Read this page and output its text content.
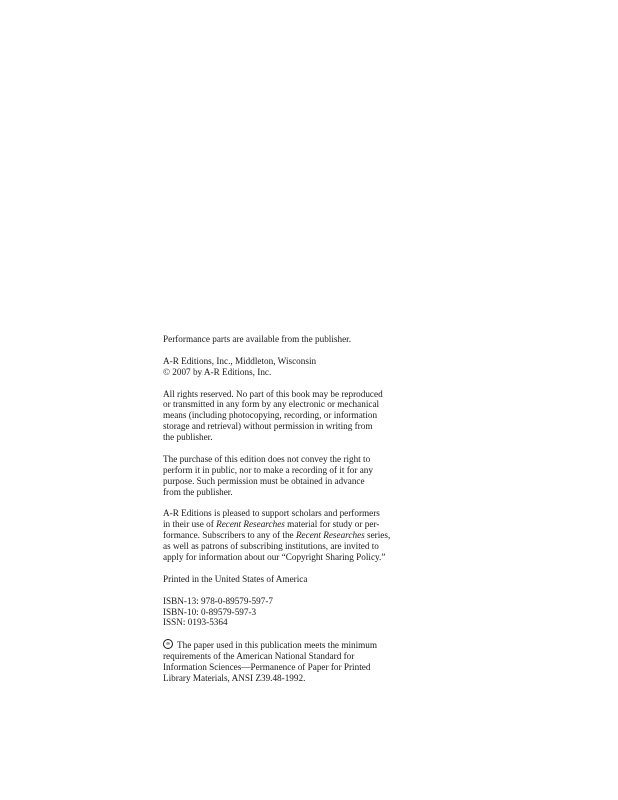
Performance parts are available from the publisher.

A-R Editions, Inc., Middleton, Wisconsin
© 2007 by A-R Editions, Inc.

All rights reserved. No part of this book may be reproduced
or transmitted in any form by any electronic or mechanical
means (including photocopying, recording, or information
storage and retrieval) without permission in writing from
the publisher.

The purchase of this edition does not convey the right to
perform it in public, nor to make a recording of it for any
purpose. Such permission must be obtained in advance
from the publisher.

A-R Editions is pleased to support scholars and performers
in their use of Recent Researches material for study or per-
formance. Subscribers to any of the Recent Researches series,
as well as patrons of subscribing institutions, are invited to
apply for information about our “Copyright Sharing Policy.”

Printed in the United States of America

ISBN-13: 978-0-89579-597-7
ISBN-10: 0-89579-597-3
ISSN: 0193-5364

∞ The paper used in this publication meets the minimum
requirements of the American National Standard for
Information Sciences—Permanence of Paper for Printed
Library Materials, ANSI Z39.48-1992.
